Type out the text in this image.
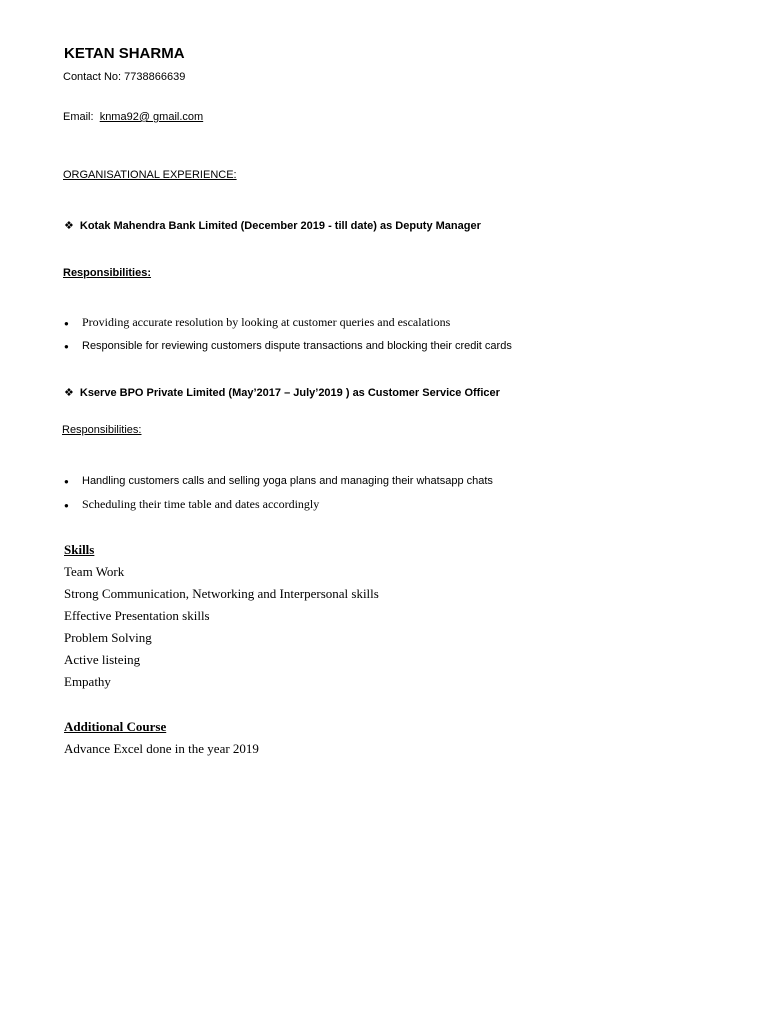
KETAN SHARMA
Contact No: 7738866639
Email: knma92@ gmail.com
ORGANISATIONAL EXPERIENCE:
❖ Kotak Mahendra Bank Limited (December 2019 - till date) as Deputy Manager
Responsibilities:
● Providing accurate resolution by looking at customer queries and escalations
● Responsible for reviewing customers dispute transactions and blocking their credit cards
❖ Kserve BPO Private Limited (May’2017 – July’2019 ) as Customer Service Officer
Responsibilities:
● Handling customers calls and selling yoga plans and managing their whatsapp chats
● Scheduling their time table and dates accordingly
Skills
Team Work
Strong Communication, Networking and Interpersonal skills
Effective Presentation skills
Problem Solving
Active listeing
Empathy
Additional Course
Advance Excel done in the year 2019
